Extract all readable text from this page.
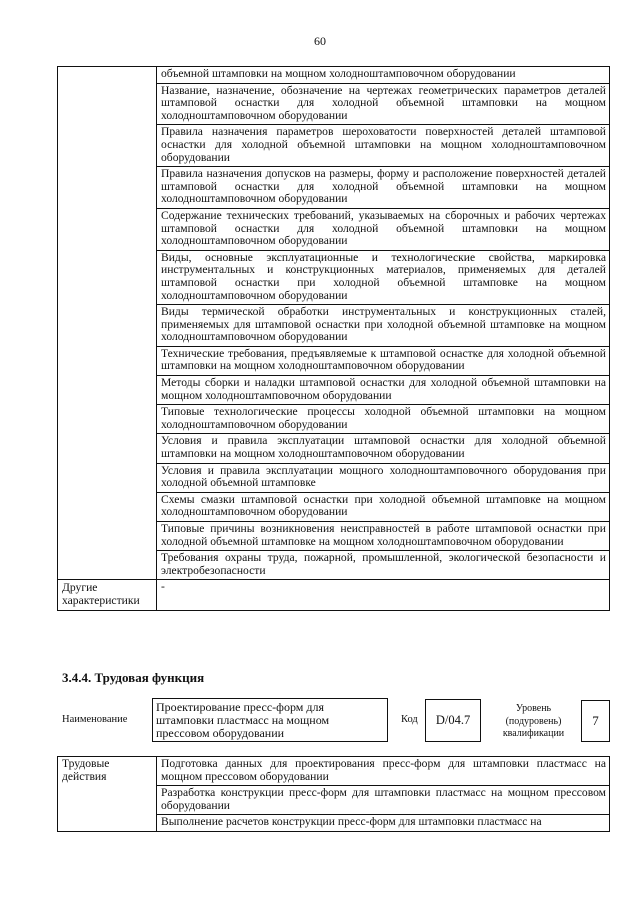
60
	объемной штамповки на мощном холодноштамповочном оборудовании
	Название, назначение, обозначение на чертежах геометрических параметров деталей штамповой оснастки для холодной объемной штамповки на мощном холодноштамповочном оборудовании
	Правила назначения параметров шероховатости поверхностей деталей штамповой оснастки для холодной объемной штамповки на мощном холодноштамповочном оборудовании
	Правила назначения допусков на размеры, форму и расположение поверхностей деталей штамповой оснастки для холодной объемной штамповки на мощном холодноштамповочном оборудовании
	Содержание технических требований, указываемых на сборочных и рабочих чертежах штамповой оснастки для холодной объемной штамповки на мощном холодноштамповочном оборудовании
	Виды, основные эксплуатационные и технологические свойства, маркировка инструментальных и конструкционных материалов, применяемых для деталей штамповой оснастки при холодной объемной штамповке на мощном холодноштамповочном оборудовании
	Виды термической обработки инструментальных и конструкционных сталей, применяемых для штамповой оснастки при холодной объемной штамповке на мощном холодноштамповочном оборудовании
	Технические требования, предъявляемые к штамповой оснастке для холодной объемной штамповки на мощном холодноштамповочном оборудовании
	Методы сборки и наладки штамповой оснастки для холодной объемной штамповки на мощном холодноштамповочном оборудовании
	Типовые технологические процессы холодной объемной штамповки на мощном холодноштамповочном оборудовании
	Условия и правила эксплуатации штамповой оснастки для холодной объемной штамповки на мощном холодноштамповочном оборудовании
	Условия и правила эксплуатации мощного холодноштамповочного оборудования при холодной объемной штамповке
	Схемы смазки штамповой оснастки при холодной объемной штамповке на мощном холодноштамповочном оборудовании
	Типовые причины возникновения неисправностей в работе штамповой оснастки при холодной объемной штамповке на мощном холодноштамповочном оборудовании
	Требования охраны труда, пожарной, промышленной, экологической безопасности и электробезопасности
Другие характеристики	-
3.4.4. Трудовая функция
Наименование
Проектирование пресс-форм для штамповки пластмасс на мощном прессовом оборудовании
Код	D/04.7
Уровень (подуровень) квалификации
7
Трудовые действия	Подготовка данных для проектирования пресс-форм для штамповки пластмасс на мощном прессовом оборудовании
Разработка конструкции пресс-форм для штамповки пластмасс на мощном прессовом оборудовании
Выполнение расчетов конструкции пресс-форм для штамповки пластмасс на
